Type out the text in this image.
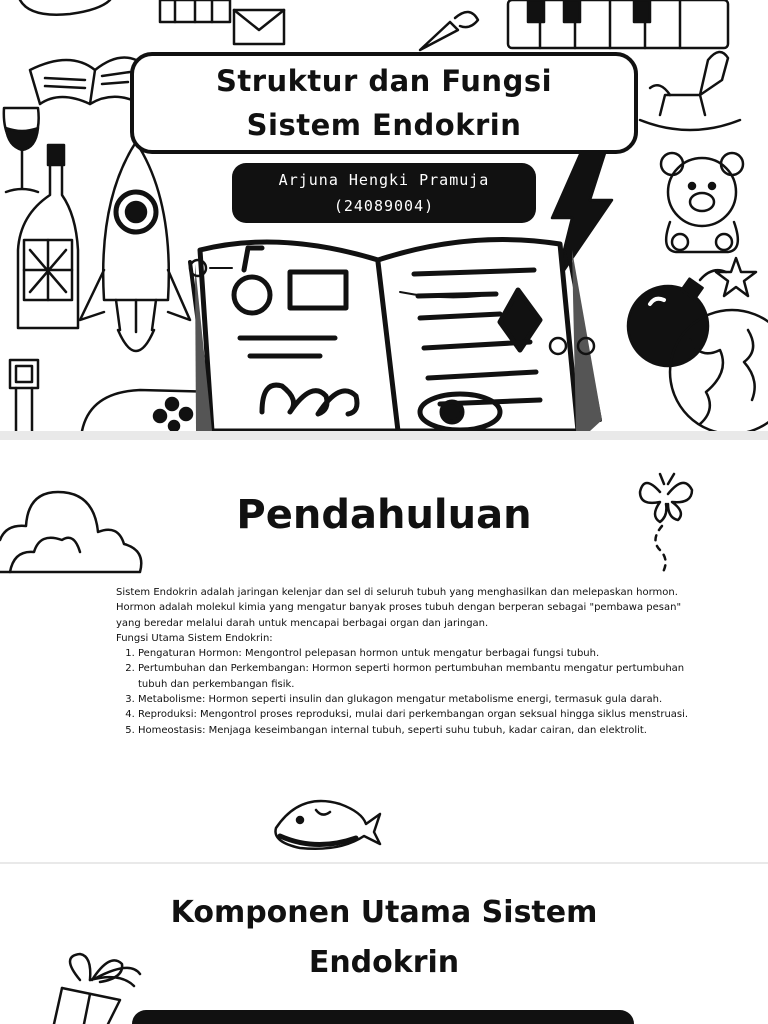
Struktur dan Fungsi Sistem Endokrin
Arjuna Hengki Pramuja
(24089004)
Pendahuluan

Sistem Endokrin adalah jaringan kelenjar dan sel di seluruh tubuh yang menghasilkan dan melepaskan hormon. Hormon adalah molekul kimia yang mengatur banyak proses tubuh dengan berperan sebagai "pembawa pesan" yang beredar melalui darah untuk mencapai berbagai organ dan jaringan.

Fungsi Utama Sistem Endokrin:

1. Pengaturan Hormon: Mengontrol pelepasan hormon untuk mengatur berbagai fungsi tubuh.
2. Pertumbuhan dan Perkembangan: Hormon seperti hormon pertumbuhan membantu mengatur pertumbuhan tubuh dan perkembangan fisik.
3. Metabolisme: Hormon seperti insulin dan glukagon mengatur metabolisme energi, termasuk gula darah.
4. Reproduksi: Mengontrol proses reproduksi, mulai dari perkembangan organ seksual hingga siklus menstruasi.
5. Homeostasis: Menjaga keseimbangan internal tubuh, seperti suhu tubuh, kadar cairan, dan elektrolit.
Komponen Utama Sistem
Endokrin
